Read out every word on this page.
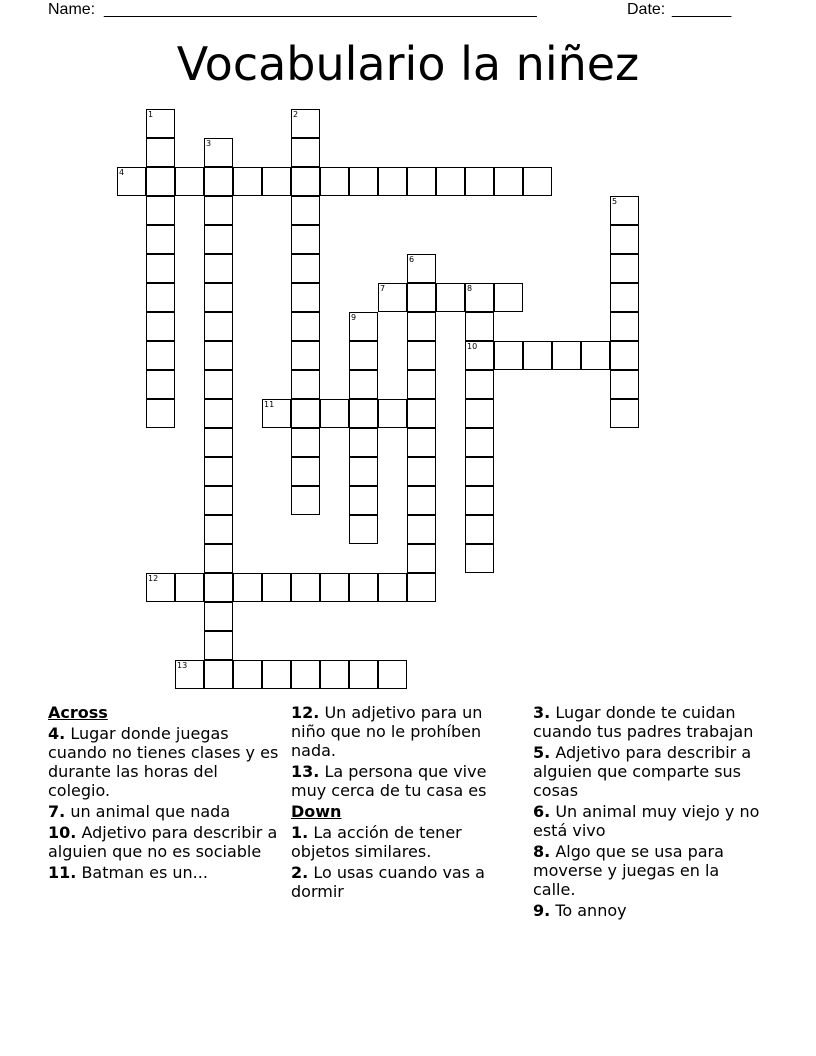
Name: ______________________________________________________	Date: _______
Vocabulario la niñez
1	2
3
4
5
6
7	8
10
9
11
12
13
Across
4. Lugar donde juegas cuando no tienes clases y es durante las horas del colegio.
7. un animal que nada
10. Adjetivo para describir a alguien que no es sociable
11. Batman es un...
12. Un adjetivo para un niño que no le prohíben nada.
13. La persona que vive muy cerca de tu casa es
Down
1. La acción de tener objetos similares.
2. Lo usas cuando vas a dormir
3. Lugar donde te cuidan cuando tus padres trabajan
5. Adjetivo para describir a alguien que comparte sus cosas
6. Un animal muy viejo y no está vivo
8. Algo que se usa para moverse y juegas en la calle.
9. To annoy
